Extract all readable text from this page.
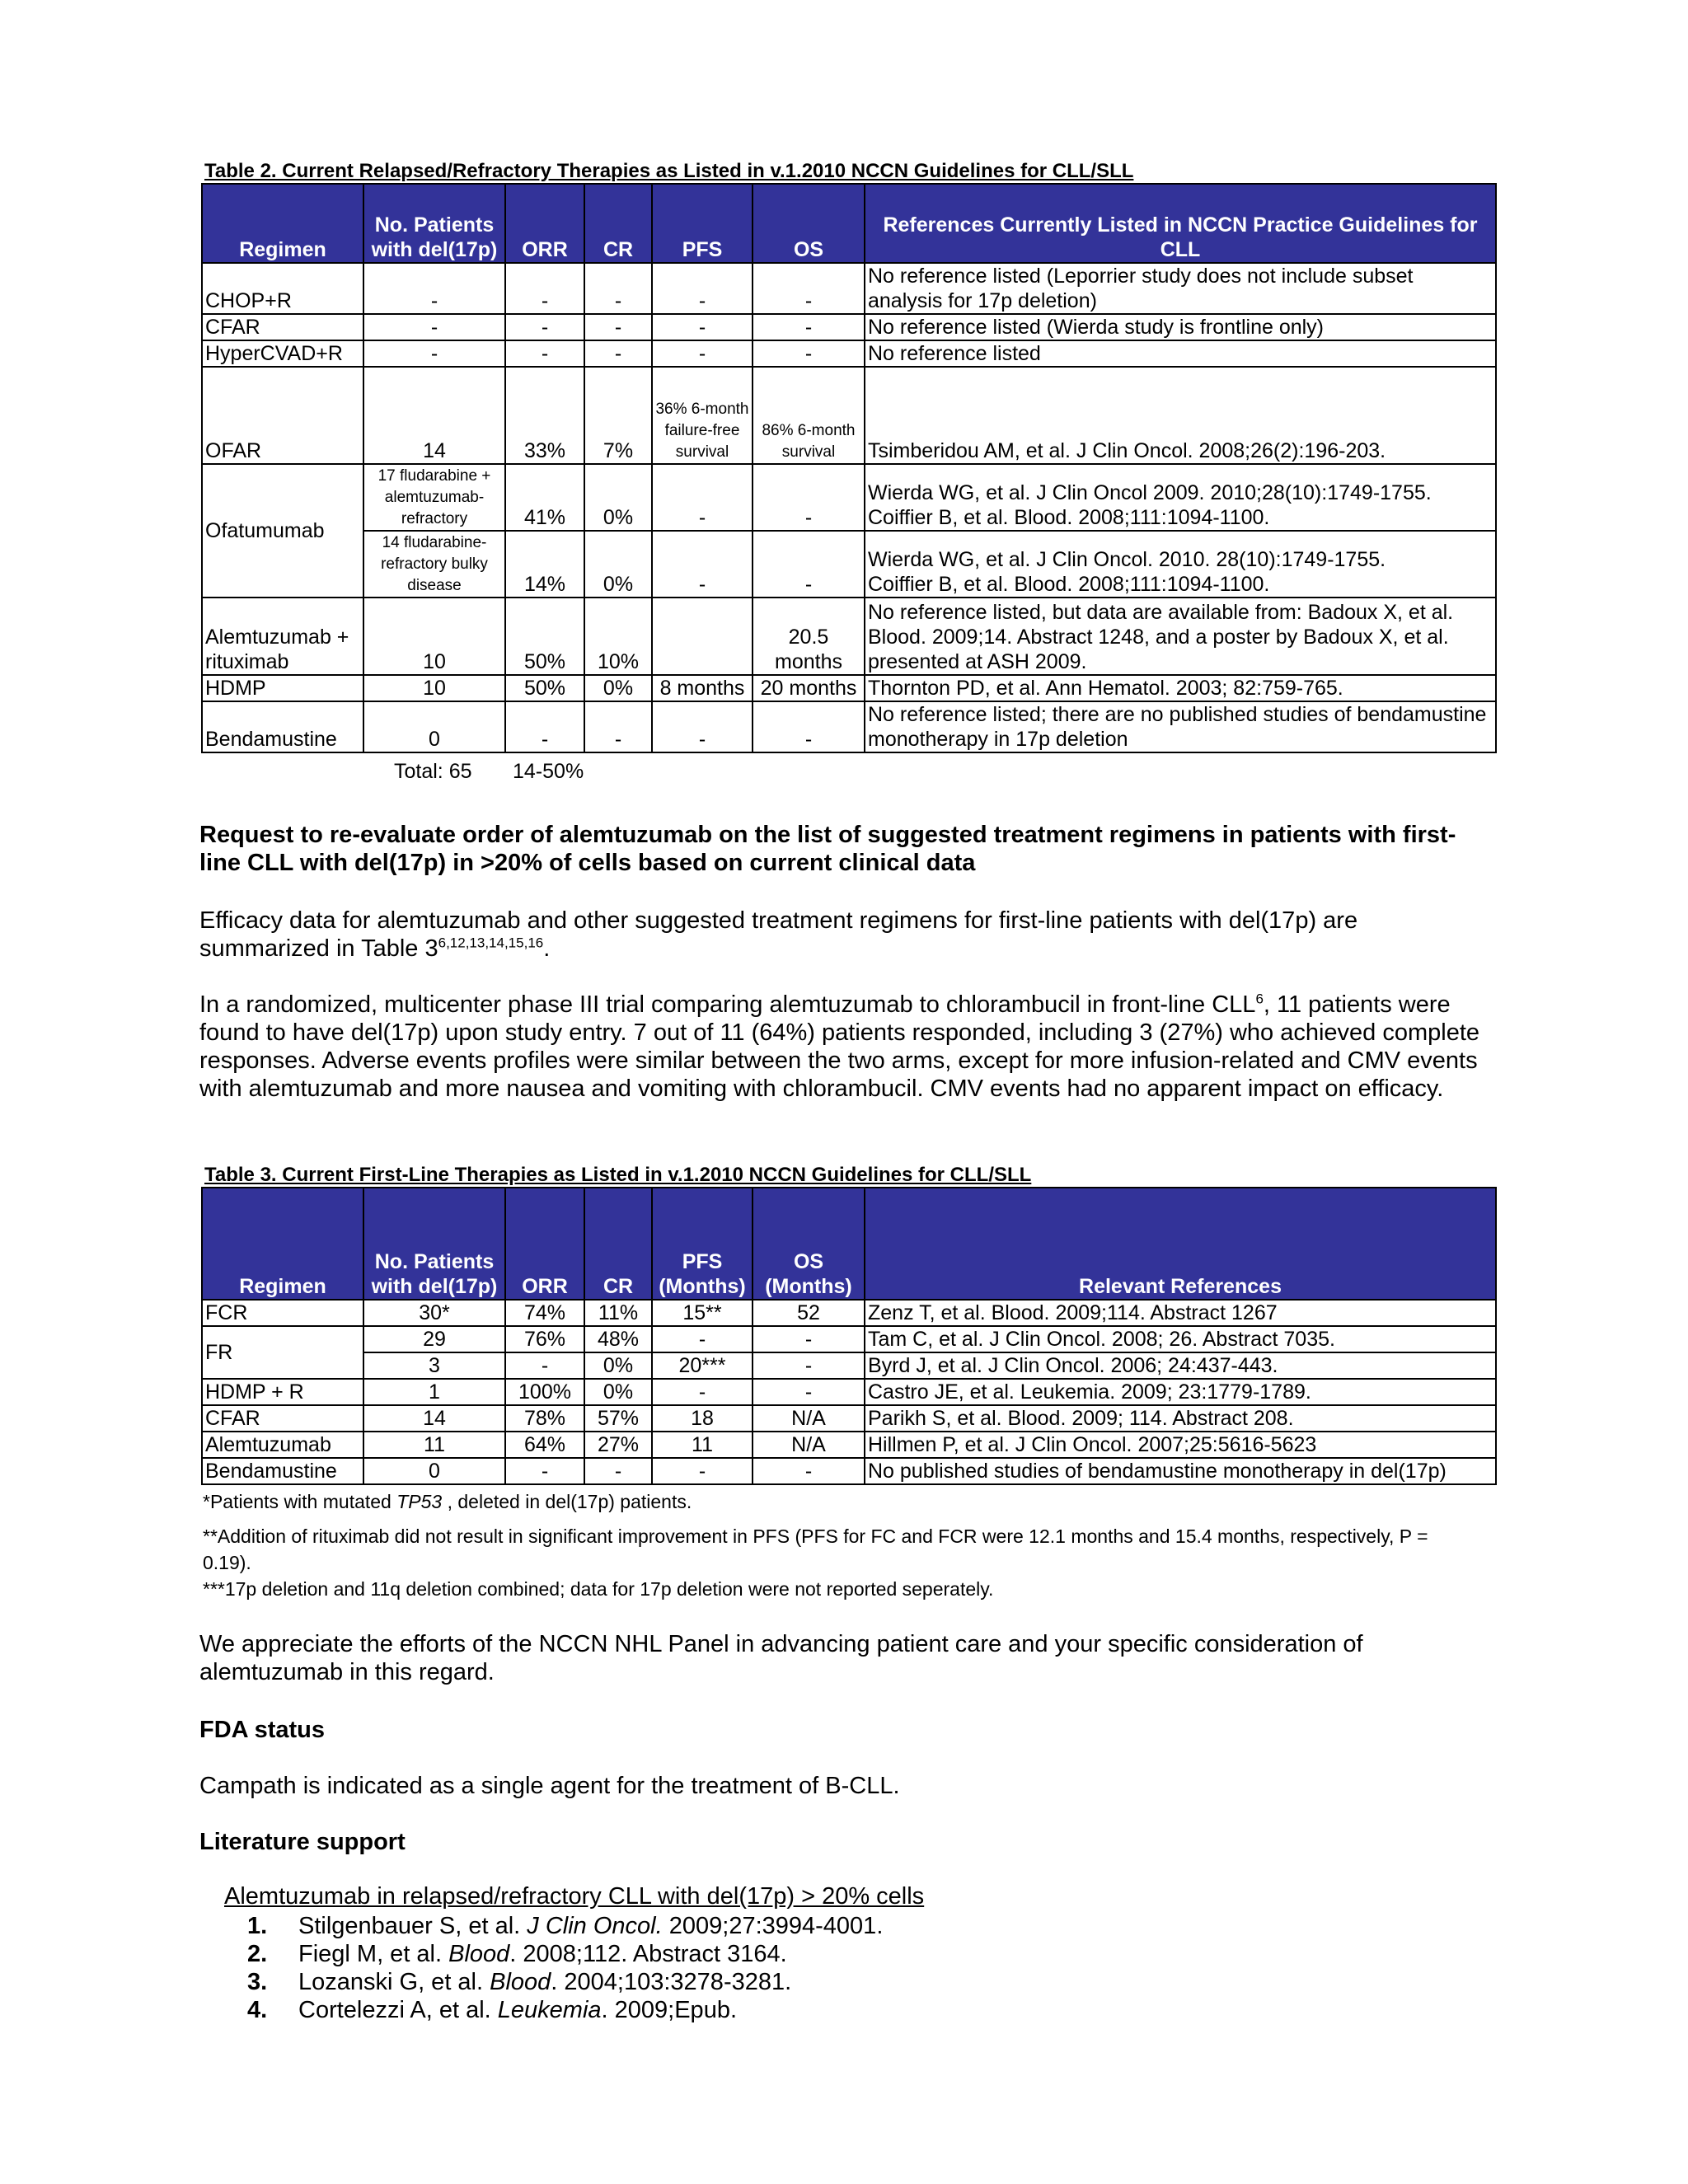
Table 2. Current Relapsed/Refractory Therapies as Listed in v.1.2010 NCCN Guidelines for CLL/SLL
Regimen	No. Patients with del(17p)	ORR	CR	PFS	OS	References Currently Listed in NCCN Practice Guidelines for CLL
CHOP+R	-	-	-	-	-	No reference listed (Leporrier study does not include subset analysis for 17p deletion)
CFAR	-	-	-	-	-	No reference listed (Wierda study is frontline only)
HyperCVAD+R	-	-	-	-	-	No reference listed
OFAR	14	33%	7%	36% 6-month failure-free survival	86% 6-month survival	Tsimberidou AM, et al. J Clin Oncol. 2008;26(2):196-203.
Ofatumumab	17 fludarabine + alemtuzumab-refractory	41%	0%	-	-	Wierda WG, et al. J Clin Oncol 2009. 2010;28(10):1749-1755.
Coiffier B, et al. Blood. 2008;111:1094-1100.

	14 fludarabine-refractory bulky disease	14%	0%	-	-	Wierda WG, et al. J Clin Oncol. 2010. 28(10):1749-1755.
Coiffier B, et al. Blood. 2008;111:1094-1100.

Alemtuzumab + rituximab	10	50%	10%		20.5 months	No reference listed, but data are available from: Badoux X, et al. Blood. 2009;14. Abstract 1248, and a poster by Badoux X, et al. presented at ASH 2009.
HDMP	10	50%	0%	8 months	20 months	Thornton PD, et al. Ann Hematol. 2003; 82:759-765.
Bendamustine	0	-	-	-	-	No reference listed; there are no published studies of bendamustine monotherapy in 17p deletion
Total: 65 14-50%
Request to re-evaluate order of alemtuzumab on the list of suggested treatment regimens in patients with first-line CLL with del(17p) in >20% of cells based on current clinical data
Efficacy data for alemtuzumab and other suggested treatment regimens for first-line patients with del(17p) are summarized in Table 3$^{6,12,13,14,15,16}$.
In a randomized, multicenter phase III trial comparing alemtuzumab to chlorambucil in front-line CLL$^6$, 11 patients were found to have del(17p) upon study entry. 7 out of 11 (64%) patients responded, including 3 (27%) who achieved complete responses. Adverse events profiles were similar between the two arms, except for more infusion-related and CMV events with alemtuzumab and more nausea and vomiting with chlorambucil. CMV events had no apparent impact on efficacy.
Table 3. Current First-Line Therapies as Listed in v.1.2010 NCCN Guidelines for CLL/SLL
Regimen	No. Patients with del(17p)	ORR	CR	PFS (Months)	OS (Months)	Relevant References
FCR	30*	74%	11%	15**	52	Zenz T, et al. Blood. 2009;114. Abstract 1267
FR	29	76%	48%	-	-	Tam C, et al. J Clin Oncol. 2008; 26. Abstract 7035.
	3	-	0%	20***	-	Byrd J, et al. J Clin Oncol. 2006; 24:437-443.
HDMP + R	1	100%	0%	-	-	Castro JE, et al. Leukemia. 2009; 23:1779-1789.
CFAR	14	78%	57%	18	N/A	Parikh S, et al. Blood. 2009; 114. Abstract 208.
Alemtuzumab	11	64%	27%	11	N/A	Hillmen P, et al. J Clin Oncol. 2007;25:5616-5623
Bendamustine	0	-	-	-	-	No published studies of bendamustine monotherapy in del(17p)
*Patients with mutated TP53 , deleted in del(17p) patients.
**Addition of rituximab did not result in significant improvement in PFS (PFS for FC and FCR were 12.1 months and 15.4 months, respectively, P = 0.19).
***17p deletion and 11q deletion combined; data for 17p deletion were not reported seperately.
We appreciate the efforts of the NCCN NHL Panel in advancing patient care and your specific consideration of alemtuzumab in this regard.
FDA status
Campath is indicated as a single agent for the treatment of B-CLL.
Literature support
Alemtuzumab in relapsed/refractory CLL with del(17p) > 20% cells
1. Stilgenbauer S, et al. J Clin Oncol. 2009;27:3994-4001.
2. Fiegl M, et al. Blood. 2008;112. Abstract 3164.
3. Lozanski G, et al. Blood. 2004;103:3278-3281.
4. Cortelezzi A, et al. Leukemia. 2009;Epub.
